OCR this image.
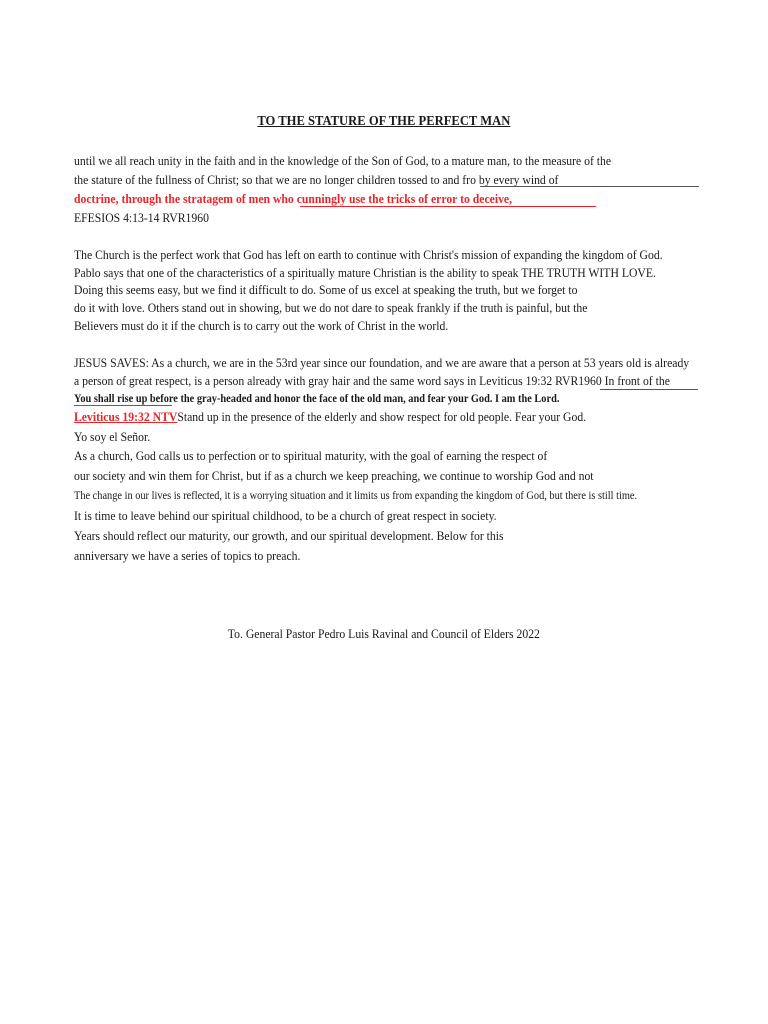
TO THE STATURE OF THE PERFECT MAN
until we all reach unity in the faith and in the knowledge of the Son of God, to a mature man, to the measure of the
the stature of the fullness of Christ; so that we are no longer children tossed to and fro by every wind of
doctrine, through the stratagem of men who cunningly use the tricks of error to deceive,
EFESIOS 4:13-14 RVR1960
The Church is the perfect work that God has left on earth to continue with Christ's mission of expanding the kingdom of God.
Pablo says that one of the characteristics of a spiritually mature Christian is the ability to speak THE TRUTH WITH LOVE.
Doing this seems easy, but we find it difficult to do. Some of us excel at speaking the truth, but we forget to
do it with love. Others stand out in showing, but we do not dare to speak frankly if the truth is painful, but the
Believers must do it if the church is to carry out the work of Christ in the world.
JESUS SAVES: As a church, we are in the 53rd year since our foundation, and we are aware that a person at 53 years old is already
a person of great respect, is a person already with gray hair and the same word says in Leviticus 19:32 RVR1960 In front of the
You shall rise up before the gray-headed and honor the face of the old man, and fear your God. I am the Lord.
Leviticus 19:32 NTVStand up in the presence of the elderly and show respect for old people. Fear your God.
Yo soy el Señor.
As a church, God calls us to perfection or to spiritual maturity, with the goal of earning the respect of
our society and win them for Christ, but if as a church we keep preaching, we continue to worship God and not
The change in our lives is reflected, it is a worrying situation and it limits us from expanding the kingdom of God, but there is still time.
It is time to leave behind our spiritual childhood, to be a church of great respect in society.
Years should reflect our maturity, our growth, and our spiritual development. Below for this
anniversary we have a series of topics to preach.
To. General Pastor Pedro Luis Ravinal and Council of Elders 2022
